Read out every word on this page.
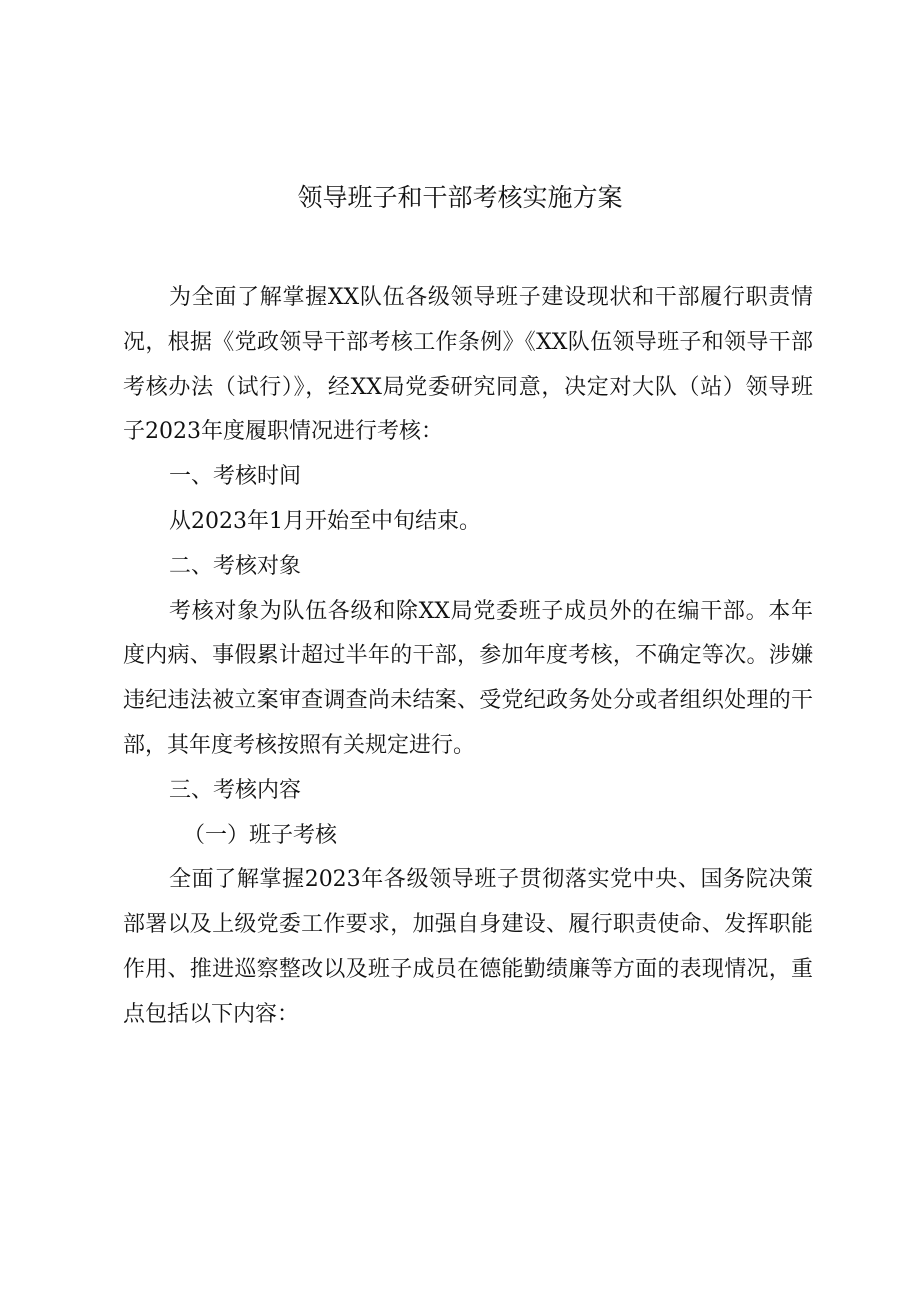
领导班子和干部考核实施方案

为全面了解掌握XX队伍各级领导班子建设现状和干部履行职责情况，根据《党政领导干部考核工作条例》《XX队伍领导班子和领导干部考核办法（试行）》，经XX局党委研究同意，决定对大队（站）领导班子2023年度履职情况进行考核：

一、考核时间

从2023年1月开始至中旬结束。

二、考核对象

考核对象为队伍各级和除XX局党委班子成员外的在编干部。本年度内病、事假累计超过半年的干部，参加年度考核，不确定等次。涉嫌违纪违法被立案审查调查尚未结案、受党纪政务处分或者组织处理的干部，其年度考核按照有关规定进行。

三、考核内容

（一）班子考核

全面了解掌握2023年各级领导班子贯彻落实党中央、国务院决策部署以及上级党委工作要求，加强自身建设、履行职责使命、发挥职能作用、推进巡察整改以及班子成员在德能勤绩廉等方面的表现情况，重点包括以下内容：
